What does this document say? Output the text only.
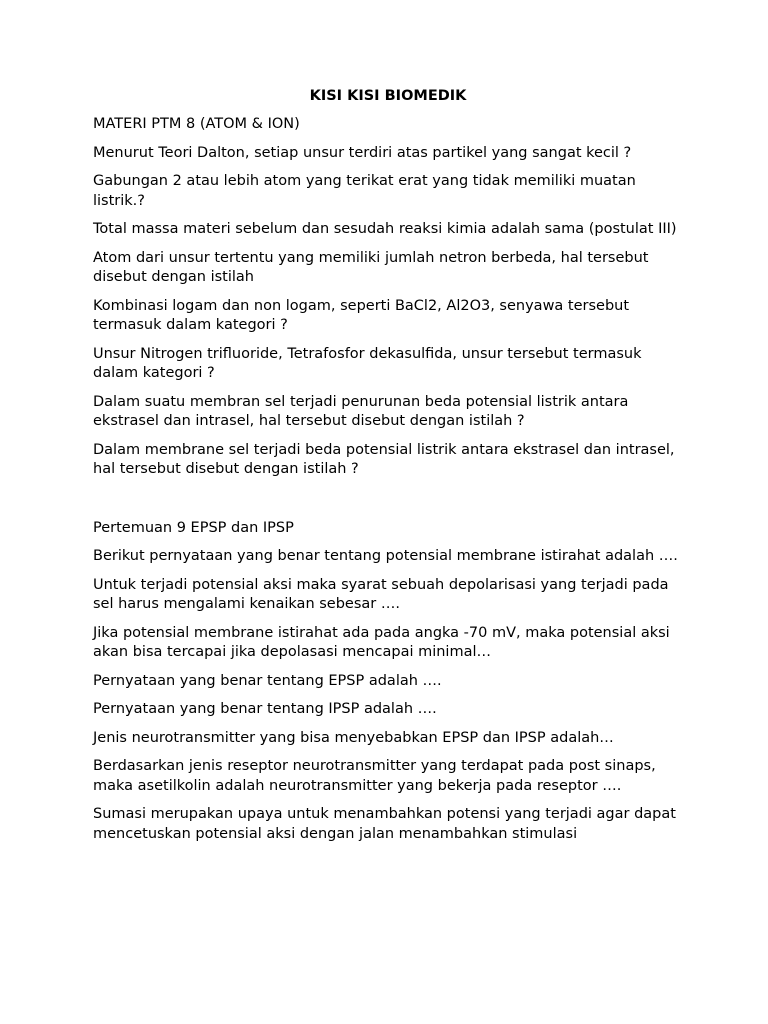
KISI KISI BIOMEDIK
MATERI PTM 8 (ATOM & ION)
Menurut Teori Dalton, setiap unsur terdiri atas partikel yang sangat kecil ?
Gabungan 2 atau lebih atom yang terikat erat yang tidak memiliki muatan listrik.?
Total massa materi sebelum dan sesudah reaksi kimia adalah sama (postulat III)
Atom dari unsur tertentu yang memiliki jumlah netron berbeda, hal tersebut disebut dengan istilah
Kombinasi logam dan non logam, seperti BaCl2, Al2O3, senyawa tersebut termasuk dalam kategori ?
Unsur Nitrogen trifluoride, Tetrafosfor dekasulfida, unsur tersebut termasuk dalam kategori ?
Dalam suatu membran sel terjadi penurunan beda potensial listrik antara ekstrasel dan intrasel, hal tersebut disebut dengan istilah ?
Dalam membrane sel terjadi beda potensial listrik antara ekstrasel dan intrasel, hal tersebut disebut dengan istilah ?
Pertemuan 9 EPSP dan IPSP
Berikut pernyataan yang benar tentang potensial membrane istirahat adalah ….
Untuk terjadi potensial aksi maka syarat sebuah depolarisasi yang terjadi pada sel harus mengalami kenaikan sebesar ….
Jika potensial membrane istirahat ada pada angka -70 mV, maka potensial aksi akan bisa tercapai jika depolasasi mencapai minimal…
Pernyataan yang benar tentang EPSP adalah ….
Pernyataan yang benar tentang IPSP adalah ….
Jenis neurotransmitter yang bisa menyebabkan EPSP dan IPSP adalah…
Berdasarkan jenis reseptor neurotransmitter yang terdapat pada post sinaps, maka asetilkolin adalah neurotransmitter yang bekerja pada reseptor ….
Sumasi merupakan upaya untuk menambahkan potensi yang terjadi agar dapat mencetuskan potensial aksi dengan jalan menambahkan stimulasi
